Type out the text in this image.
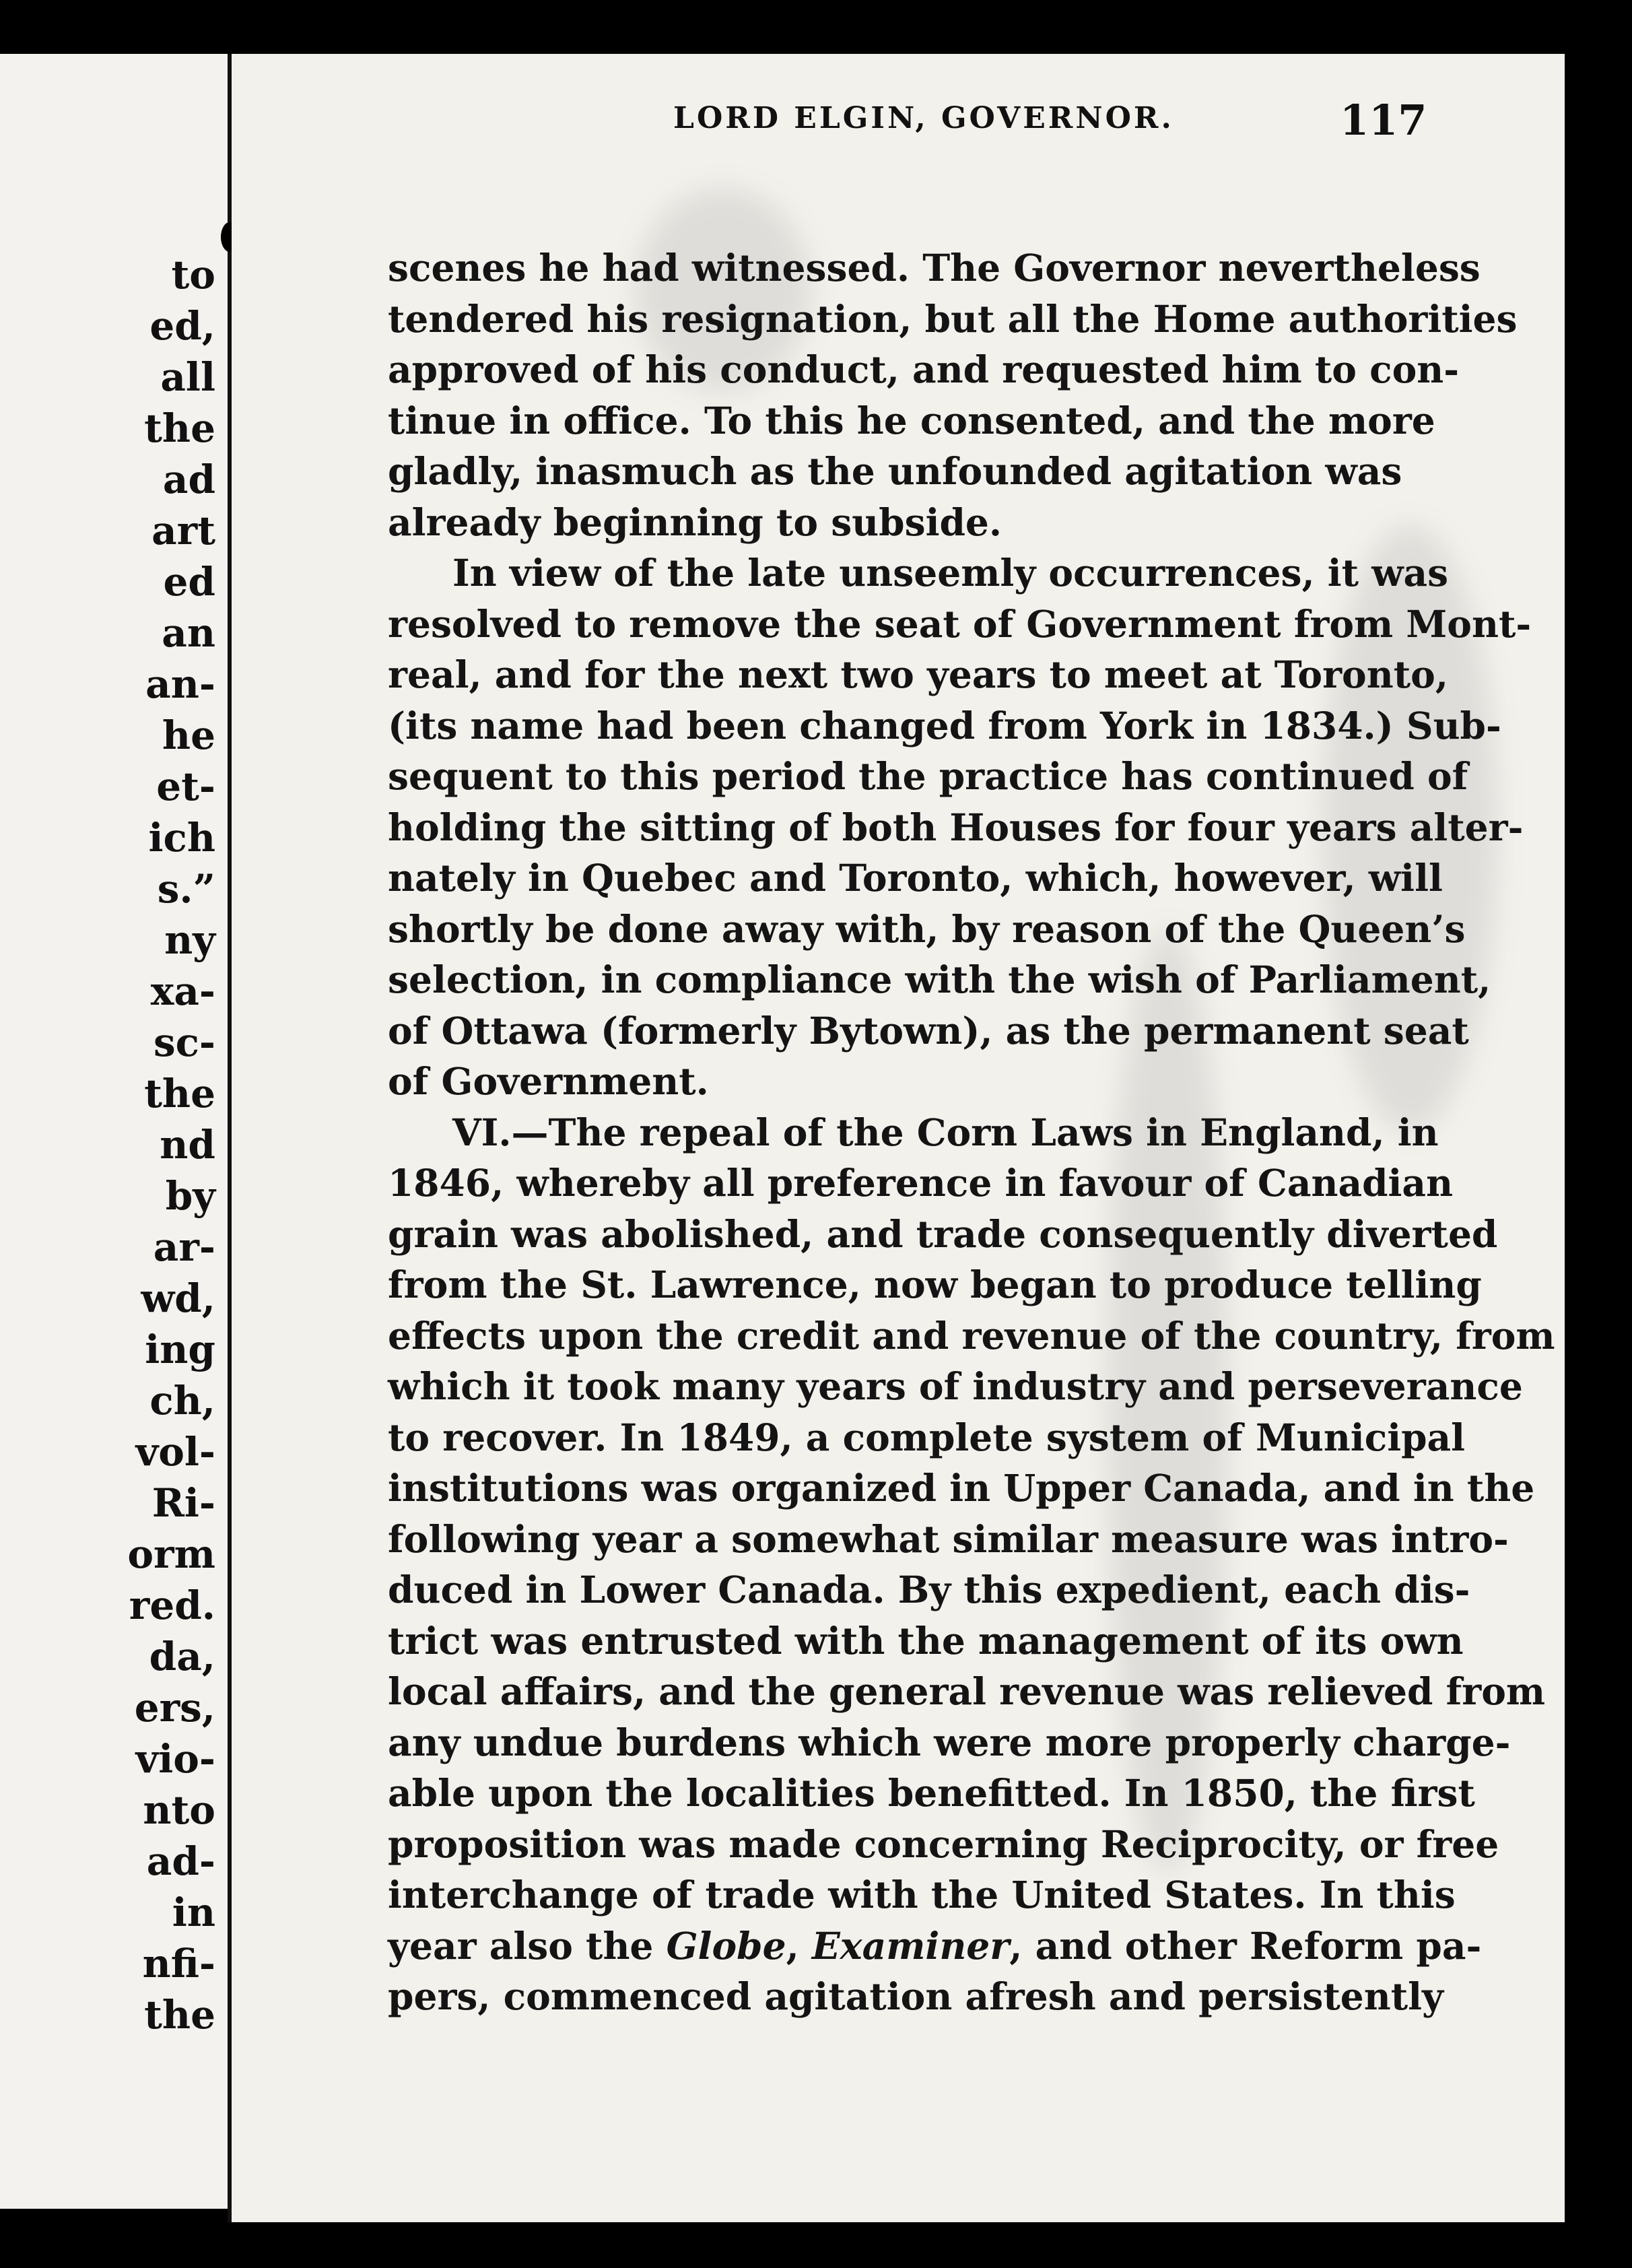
to
ed,
all
the
ad
art
ed
an
an-
he
et-
ich
s.”
ny
xa-
sc-
the
nd
by
ar-
wd,
ing
ch,
vol-
Ri-
orm
red.
da,
ers,
vio-
nto
ad-
in
nfi-
the
LORD ELGIN, GOVERNOR.	117
scenes he had witnessed. The Governor nevertheless
tendered his resignation, but all the Home authorities
approved of his conduct, and requested him to con-
tinue in office. To this he consented, and the more
gladly, inasmuch as the unfounded agitation was
already beginning to subside.
In view of the late unseemly occurrences, it was
resolved to remove the seat of Government from Mont-
real, and for the next two years to meet at Toronto,
(its name had been changed from York in 1834.) Sub-
sequent to this period the practice has continued of
holding the sitting of both Houses for four years alter-
nately in Quebec and Toronto, which, however, will
shortly be done away with, by reason of the Queen’s
selection, in compliance with the wish of Parliament,
of Ottawa (formerly Bytown), as the permanent seat
of Government.
VI.—The repeal of the Corn Laws in England, in
1846, whereby all preference in favour of Canadian
grain was abolished, and trade consequently diverted
from the St. Lawrence, now began to produce telling
effects upon the credit and revenue of the country, from
which it took many years of industry and perseverance
to recover. In 1849, a complete system of Municipal
institutions was organized in Upper Canada, and in the
following year a somewhat similar measure was intro-
duced in Lower Canada. By this expedient, each dis-
trict was entrusted with the management of its own
local affairs, and the general revenue was relieved from
any undue burdens which were more properly charge-
able upon the localities benefitted. In 1850, the first
proposition was made concerning Reciprocity, or free
interchange of trade with the United States. In this
year also the Globe, Examiner, and other Reform pa-
pers, commenced agitation afresh and persistently
